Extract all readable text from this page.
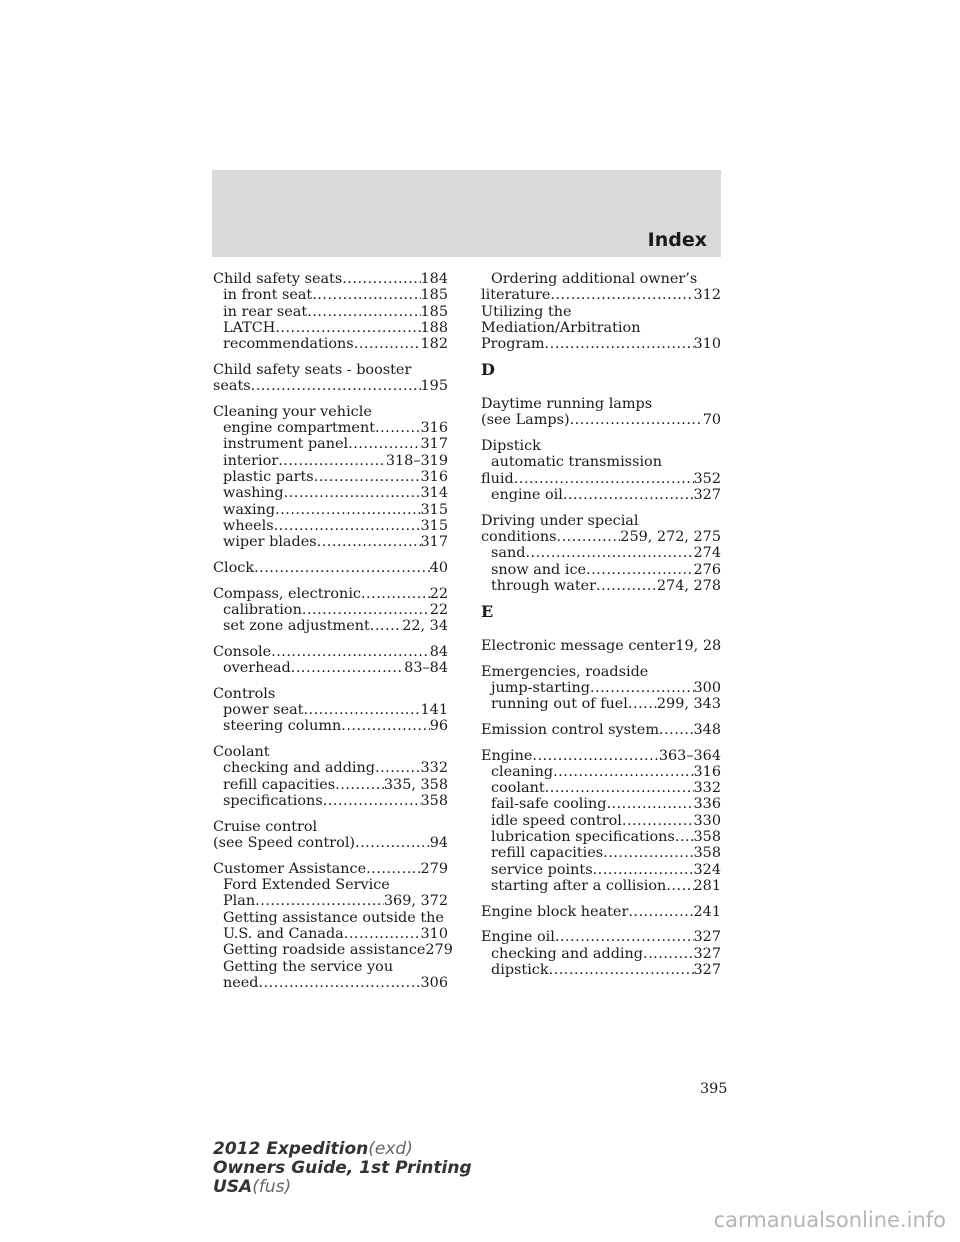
Index
Child safety seats .....	184
in front seat .....	185
in rear seat .....	185
LATCH .....	188
recommendations .....	182
Child safety seats - booster
seats .....	195
Cleaning your vehicle
engine compartment .....	316
instrument panel .....	317
interior .....	318–319
plastic parts .....	316
washing .....	314
waxing .....	315
wheels .....	315
wiper blades .....	317
Clock .....	40
Compass, electronic .....	22
calibration .....	22
set zone adjustment ..... 22, 34
Console .....	84
overhead .....	83–84
Controls
power seat .....	141
steering column .....	96
Coolant
checking and adding .....	332
refill capacities .....	335, 358
specifications .....	358
Cruise control
(see Speed control) .....	94
Customer Assistance .....	279
Ford Extended Service
Plan .....	369, 372
Getting assistance outside the
U.S. and Canada .....	310
Getting roadside assistance 279
Getting the service you
need .....	306
Ordering additional owner’s
literature .....	312
Utilizing the
Mediation/Arbitration
Program .....	310
D
Daytime running lamps
(see Lamps) .....	70
Dipstick
automatic transmission
fluid .....	352
engine oil .....	327
Driving under special
conditions .....	259, 272, 275
sand .....	274
snow and ice .....	276
through water .....	274, 278
E
Electronic message center 19, 28
Emergencies, roadside
jump-starting .....	300
running out of fuel ..... 299, 343
Emission control system ..... 348
Engine .....	363–364
cleaning .....	316
coolant .....	332
fail-safe cooling .....	336
idle speed control .....	330
lubrication specifications ..... 358
refill capacities .....	358
service points .....	324
starting after a collision ..... 281
Engine block heater .....	241
Engine oil .....	327
checking and adding .....	327
dipstick .....	327
395
2012 Expedition(exd)
Owners Guide, 1st Printing
USA(fus)
carmanualsonline.info
